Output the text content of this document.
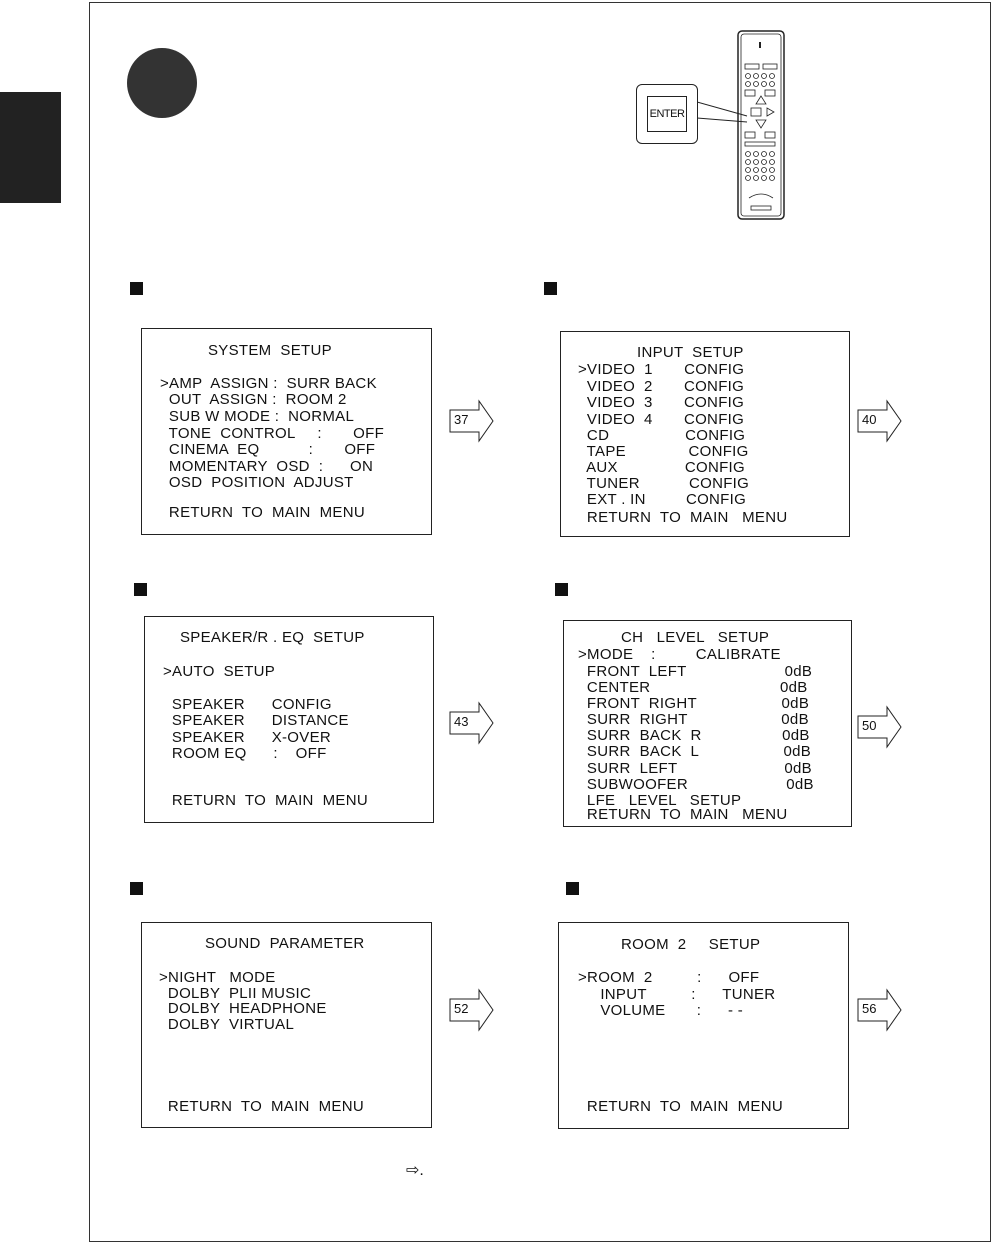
ENTER
SYSTEM  SETUP
>AMP  ASSIGN :  SURR BACK
OUT  ASSIGN :  ROOM 2
SUB W MODE :  NORMAL
TONE  CONTROL     :       OFF
CINEMA  EQ           :       OFF
MOMENTARY  OSD  :      ON
OSD  POSITION  ADJUST
RETURN  TO  MAIN  MENU
INPUT  SETUP
>VIDEO  1       CONFIG
VIDEO  2       CONFIG
VIDEO  3       CONFIG
VIDEO  4       CONFIG
CD                 CONFIG
TAPE              CONFIG
AUX               CONFIG
TUNER           CONFIG
EXT . IN         CONFIG
RETURN  TO  MAIN   MENU
SPEAKER/R . EQ  SETUP
>AUTO  SETUP
SPEAKER      CONFIG
SPEAKER      DISTANCE
SPEAKER      X-OVER
ROOM EQ      :    OFF
RETURN  TO  MAIN  MENU
CH   LEVEL   SETUP
>MODE    :         CALIBRATE
FRONT  LEFT                      0dB
CENTER                             0dB
FRONT  RIGHT                   0dB
SURR  RIGHT                     0dB
SURR  BACK  R                  0dB
SURR  BACK  L                   0dB
SURR  LEFT                        0dB
SUBWOOFER                      0dB
LFE   LEVEL   SETUP
RETURN  TO  MAIN   MENU
SOUND  PARAMETER
>NIGHT   MODE
DOLBY  PLII MUSIC
DOLBY  HEADPHONE
DOLBY  VIRTUAL
RETURN  TO  MAIN  MENU
ROOM  2     SETUP
>ROOM  2          :      OFF
INPUT          :      TUNER
VOLUME       :      - -
RETURN  TO  MAIN  MENU
37	40
43	50
52	56
⇨.
